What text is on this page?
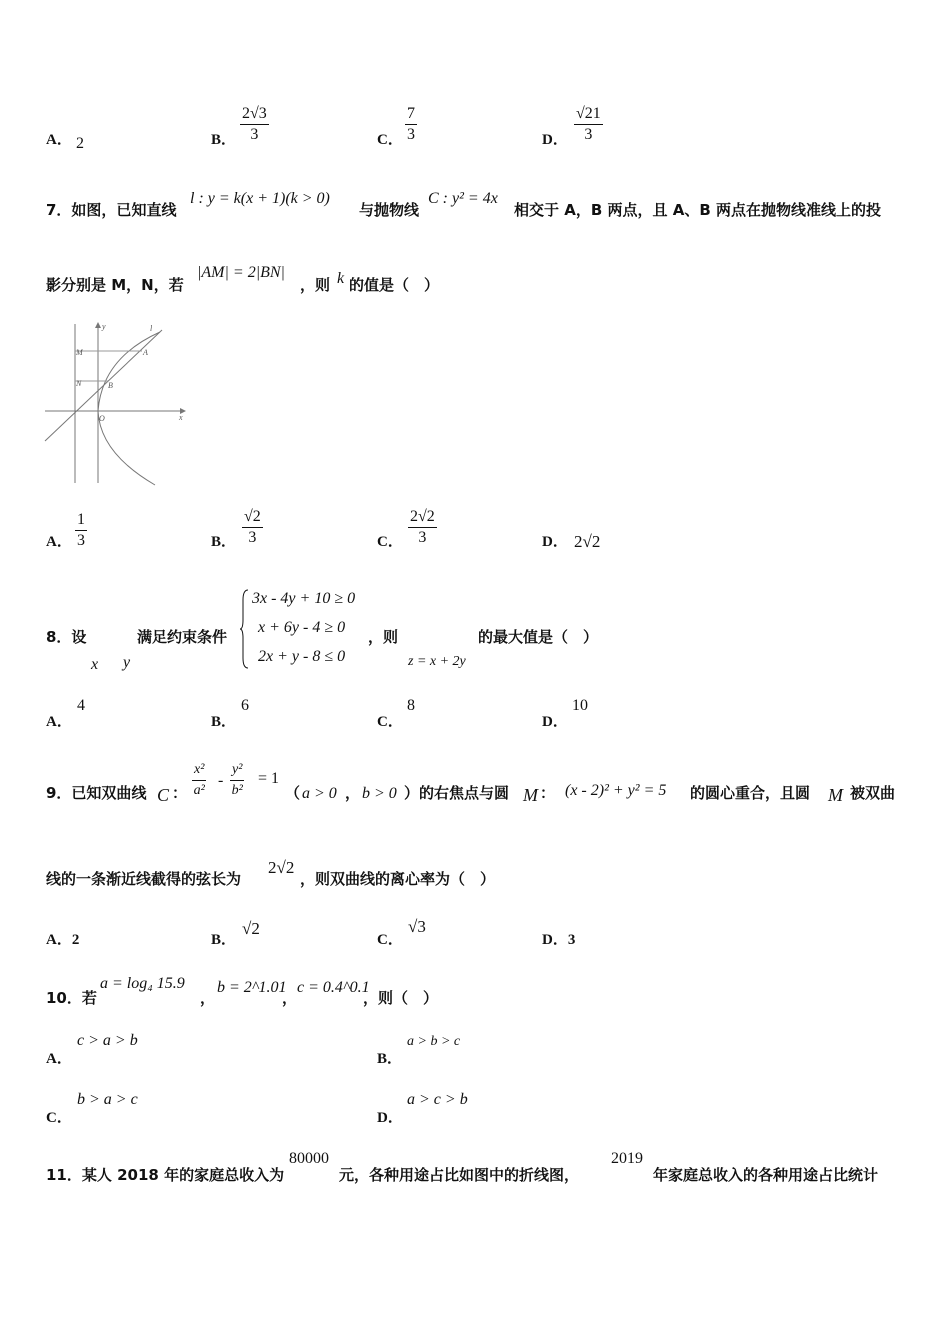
A． 2	B． $\frac{2√3}{3}$	C． $\frac{7}{3}$	D． $\frac{√21}{3}$
7．如图，已知直线
l : y = k(x + 1)(k > 0)
与抛物线
C : y² = 4x
相交于 A，B 两点，且 A、B 两点在抛物线准线上的投
影分别是 M，N，若
|AM| = 2|BN|
，则 k 的值是（　）
y
x
l
M	A
N	B
O
A． $\frac{1}{3}$	B． $\frac{√2}{3}$	C． $\frac{2√2}{3}$	D． 2√2
8．设	满足约束条件
x y
3x - 4y + 10 ≥ 0
x + 6y - 4 ≥ 0
2x + y - 8 ≤ 0
，则
z = x + 2y
的最大值是（　）
A．
4
B．
6
C．
8
D．
10
9．已知双曲线 C ： $\frac{\text{x²}}{\text{a²}} - \frac{\text{y²}}{\text{b²}} = 1$
（ a > 0 ， b > 0 ）的右焦点与圆 M ： (x - 2)² + y² = 5 的圆心重合，且圆 M 被双曲
线的一条渐近线截得的弦长为
2√2
，则双曲线的离心率为（　）
A．2	B．
√2
C．
√3
D．3
10．若
a = log₄ 15.9
，
b = 2^1.01
，
c = 0.4^0.1
，则（　）
A．
c > a > b
B．
a > b > c
C．
b > a > c
D．
a > c > b
11．某人 2018 年的家庭总收入为
80000
元，各种用途占比如图中的折线图，
2019
年家庭总收入的各种用途占比统计
